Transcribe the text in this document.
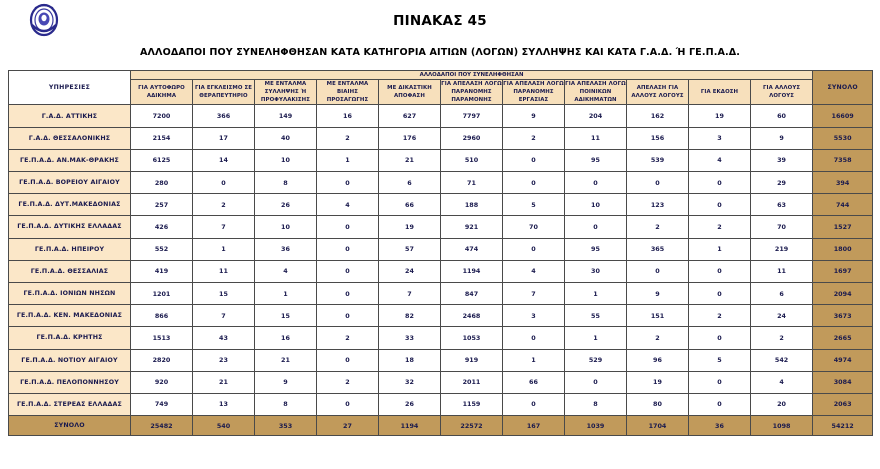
ΠΙΝΑΚΑΣ 45
ΑΛΛΟΔΑΠΟΙ ΠΟΥ ΣΥΝΕΛΗΦΘΗΣΑΝ ΚΑΤΑ ΚΑΤΗΓΟΡΙΑ ΑΙΤΙΩΝ (ΛΟΓΩΝ) ΣΥΛΛΗΨΗΣ ΚΑΙ ΚΑΤΑ Γ.Α.Δ. Ή ΓΕ.Π.Α.Δ.
ΥΠΗΡΕΣΙΕΣ	ΑΛΛΟΔΑΠΟΙ ΠΟΥ ΣΥΝΕΛΗΦΘΗΣΑΝ											ΣΥΝΟΛΟ
	ΓΙΑ ΑΥΤΟΦΩΡΟ ΑΔΙΚΗΜΑ	ΓΙΑ ΕΓΚΛΕΙΣΜΟ ΣΕ ΘΕΡΑΠΕΥΤΗΡΙΟ	ΜΕ ΕΝΤΑΛΜΑ ΣΥΛΛΗΨΗΣ Ή ΠΡΟΦΥΛΑΚΙΣΗΣ	ΜΕ ΕΝΤΑΛΜΑ ΒΙΑΙΗΣ ΠΡΟΣΑΓΩΓΗΣ	ΜΕ ΔΙΚΑΣΤΙΚΗ ΑΠΟΦΑΣΗ	ΓΙΑ ΑΠΕΛΑΣΗ ΛΟΓΩ ΠΑΡΑΝΟΜΗΣ ΠΑΡΑΜΟΝΗΣ	ΓΙΑ ΑΠΕΛΑΣΗ ΛΟΓΩ ΠΑΡΑΝΟΜΗΣ ΕΡΓΑΣΙΑΣ	ΓΙΑ ΑΠΕΛΑΣΗ ΛΟΓΩ ΠΟΙΝΙΚΩΝ ΑΔΙΚΗΜΑΤΩΝ	ΑΠΕΛΑΣΗ ΓΙΑ ΑΛΛΟΥΣ ΛΟΓΟΥΣ	ΓΙΑ ΕΚΔΟΣΗ	ΓΙΑ ΑΛΛΟΥΣ ΛΟΓΟΥΣ	
Γ.Α.Δ. ΑΤΤΙΚΗΣ	7200	366	149	16	627	7797	9	204	162	19	60	16609
Γ.Α.Δ. ΘΕΣΣΑΛΟΝΙΚΗΣ	2154	17	40	2	176	2960	2	11	156	3	9	5530
ΓΕ.Π.Α.Δ. ΑΝ.ΜΑΚ-ΘΡΑΚΗΣ	6125	14	10	1	21	510	0	95	539	4	39	7358
ΓΕ.Π.Α.Δ. ΒΟΡΕΙΟΥ ΑΙΓΑΙΟΥ	280	0	8	0	6	71	0	0	0	0	29	394
ΓΕ.Π.Α.Δ. ΔΥΤ.ΜΑΚΕΔΟΝΙΑΣ	257	2	26	4	66	188	5	10	123	0	63	744
ΓΕ.Π.Α.Δ. ΔΥΤΙΚΗΣ ΕΛΛΑΔΑΣ	426	7	10	0	19	921	70	0	2	2	70	1527
ΓΕ.Π.Α.Δ. ΗΠΕΙΡΟΥ	552	1	36	0	57	474	0	95	365	1	219	1800
ΓΕ.Π.Α.Δ. ΘΕΣΣΑΛΙΑΣ	419	11	4	0	24	1194	4	30	0	0	11	1697
ΓΕ.Π.Α.Δ. ΙΟΝΙΩΝ ΝΗΣΩΝ	1201	15	1	0	7	847	7	1	9	0	6	2094
ΓΕ.Π.Α.Δ. ΚΕΝ. ΜΑΚΕΔΟΝΙΑΣ	866	7	15	0	82	2468	3	55	151	2	24	3673
ΓΕ.Π.Α.Δ. ΚΡΗΤΗΣ	1513	43	16	2	33	1053	0	1	2	0	2	2665
ΓΕ.Π.Α.Δ. ΝΟΤΙΟΥ ΑΙΓΑΙΟΥ	2820	23	21	0	18	919	1	529	96	5	542	4974
ΓΕ.Π.Α.Δ. ΠΕΛΟΠΟΝΝΗΣΟΥ	920	21	9	2	32	2011	66	0	19	0	4	3084
ΓΕ.Π.Α.Δ. ΣΤΕΡΕΑΣ ΕΛΛΑΔΑΣ	749	13	8	0	26	1159	0	8	80	0	20	2063
ΣΥΝΟΛΟ	25482	540	353	27	1194	22572	167	1039	1704	36	1098	54212
